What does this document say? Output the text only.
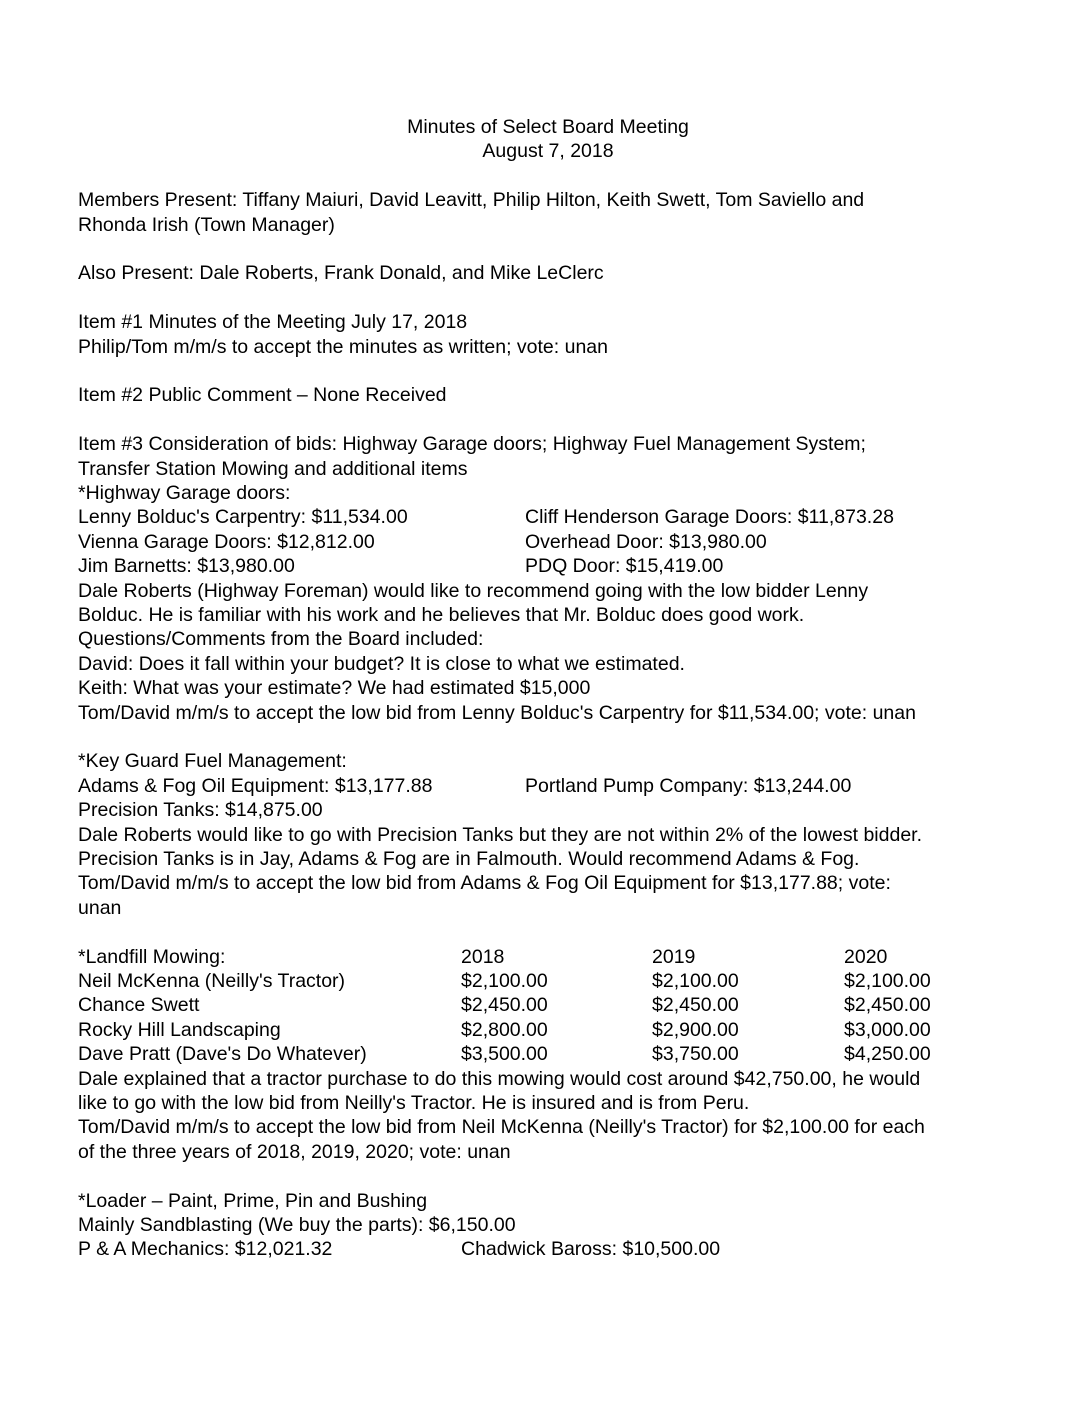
Minutes of Select Board Meeting
August 7, 2018
Members Present: Tiffany Maiuri, David Leavitt, Philip Hilton, Keith Swett, Tom Saviello and
Rhonda Irish (Town Manager)
Also Present: Dale Roberts, Frank Donald, and Mike LeClerc
Item #1 Minutes of the Meeting July 17, 2018
Philip/Tom m/m/s to accept the minutes as written; vote: unan
Item #2 Public Comment – None Received
Item #3 Consideration of bids: Highway Garage doors; Highway Fuel Management System;
Transfer Station Mowing and additional items
*Highway Garage doors:
Lenny Bolduc's Carpentry: $11,534.00	Cliff Henderson Garage Doors: $11,873.28
Vienna Garage Doors: $12,812.00	Overhead Door: $13,980.00
Jim Barnetts: $13,980.00	PDQ Door: $15,419.00
Dale Roberts (Highway Foreman) would like to recommend going with the low bidder Lenny
Bolduc. He is familiar with his work and he believes that Mr. Bolduc does good work.
Questions/Comments from the Board included:
David: Does it fall within your budget? It is close to what we estimated.
Keith: What was your estimate? We had estimated $15,000
Tom/David m/m/s to accept the low bid from Lenny Bolduc's Carpentry for $11,534.00; vote: unan
*Key Guard Fuel Management:
Adams & Fog Oil Equipment: $13,177.88	Portland Pump Company: $13,244.00
Precision Tanks: $14,875.00
Dale Roberts would like to go with Precision Tanks but they are not within 2% of the lowest bidder.
Precision Tanks is in Jay, Adams & Fog are in Falmouth. Would recommend Adams & Fog.
Tom/David m/m/s to accept the low bid from Adams & Fog Oil Equipment for $13,177.88; vote:
unan
*Landfill Mowing:	2018	2019	2020
Neil McKenna (Neilly's Tractor)	$2,100.00	$2,100.00	$2,100.00
Chance Swett	$2,450.00	$2,450.00	$2,450.00
Rocky Hill Landscaping	$2,800.00	$2,900.00	$3,000.00
Dave Pratt (Dave's Do Whatever)	$3,500.00	$3,750.00	$4,250.00
Dale explained that a tractor purchase to do this mowing would cost around $42,750.00, he would
like to go with the low bid from Neilly's Tractor. He is insured and is from Peru.
Tom/David m/m/s to accept the low bid from Neil McKenna (Neilly's Tractor) for $2,100.00 for each
of the three years of 2018, 2019, 2020; vote: unan
*Loader – Paint, Prime, Pin and Bushing
Mainly Sandblasting (We buy the parts): $6,150.00
P & A Mechanics: $12,021.32	Chadwick Baross: $10,500.00
